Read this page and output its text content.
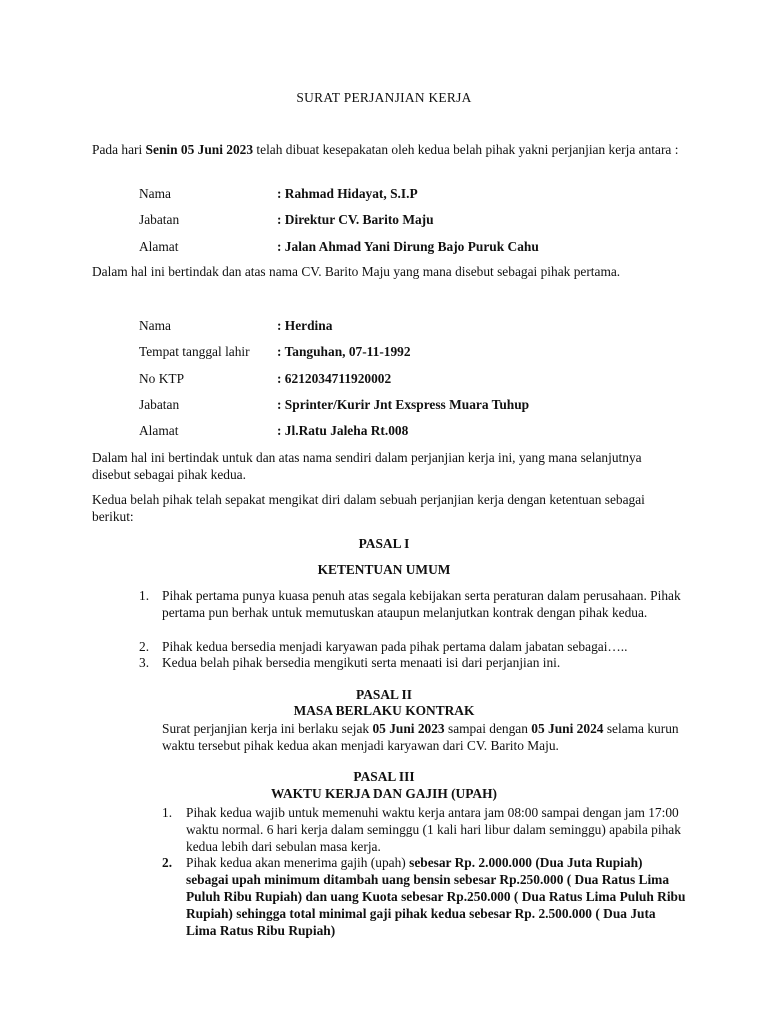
SURAT PERJANJIAN KERJA
Pada hari Senin 05 Juni 2023 telah dibuat kesepakatan oleh kedua belah pihak yakni perjanjian kerja antara :
Nama	: Rahmad Hidayat, S.I.P
Jabatan	: Direktur CV. Barito Maju
Alamat	: Jalan Ahmad Yani Dirung Bajo Puruk Cahu
Dalam hal ini bertindak dan atas nama CV. Barito Maju yang mana disebut sebagai pihak pertama.
Nama	: Herdina
Tempat tanggal lahir : Tanguhan, 07-11-1992
No KTP	: 6212034711920002
Jabatan	: Sprinter/Kurir Jnt Exspress Muara Tuhup
Alamat	: Jl.Ratu Jaleha Rt.008
Dalam hal ini bertindak untuk dan atas nama sendiri dalam perjanjian kerja ini, yang mana selanjutnya disebut sebagai pihak kedua.
Kedua belah pihak telah sepakat mengikat diri dalam sebuah perjanjian kerja dengan ketentuan sebagai berikut:
PASAL I
KETENTUAN UMUM
1. Pihak pertama punya kuasa penuh atas segala kebijakan serta peraturan dalam perusahaan. Pihak pertama pun berhak untuk memutuskan ataupun melanjutkan kontrak dengan pihak kedua.
2. Pihak kedua bersedia menjadi karyawan pada pihak pertama dalam jabatan sebagai…..
3. Kedua belah pihak bersedia mengikuti serta menaati isi dari perjanjian ini.
PASAL II
MASA BERLAKU KONTRAK
Surat perjanjian kerja ini berlaku sejak 05 Juni 2023 sampai dengan 05 Juni 2024 selama kurun waktu tersebut pihak kedua akan menjadi karyawan dari CV. Barito Maju.
PASAL III
WAKTU KERJA DAN GAJIH (UPAH)
1. Pihak kedua wajib untuk memenuhi waktu kerja antara jam 08:00 sampai dengan jam 17:00 waktu normal. 6 hari kerja dalam seminggu (1 kali hari libur dalam seminggu) apabila pihak kedua lebih dari sebulan masa kerja.
2. Pihak kedua akan menerima gajih (upah) sebesar Rp. 2.000.000 (Dua Juta Rupiah) sebagai upah minimum ditambah uang bensin sebesar Rp.250.000 ( Dua Ratus Lima Puluh Ribu Rupiah) dan uang Kuota sebesar Rp.250.000 ( Dua Ratus Lima Puluh Ribu Rupiah) sehingga total minimal gaji pihak kedua sebesar Rp. 2.500.000 ( Dua Juta Lima Ratus Ribu Rupiah)
